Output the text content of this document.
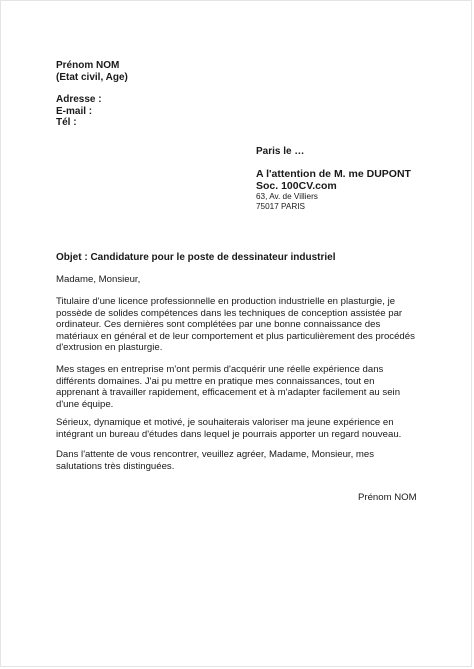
Prénom NOM
(Etat civil, Age)
Adresse :
E-mail :
Tél :
Paris le …
A l'attention de M. me DUPONT
Soc. 100CV.com
63, Av. de Villiers
75017 PARIS
Objet : Candidature pour le poste de dessinateur industriel
Madame, Monsieur,
Titulaire d'une licence professionnelle en production industrielle en plasturgie, je
possède de solides compétences dans les techniques de conception assistée par
ordinateur. Ces dernières sont complétées par une bonne connaissance des
matériaux en général et de leur comportement et plus particulièrement des procédés
d'extrusion en plasturgie.
Mes stages en entreprise m'ont permis d'acquérir une réelle expérience dans
différents domaines. J'ai pu mettre en pratique mes connaissances, tout en
apprenant à travailler rapidement, efficacement et à m'adapter facilement au sein
d'une équipe.
Sérieux, dynamique et motivé, je souhaiterais valoriser ma jeune expérience en
intégrant un bureau d'études dans lequel je pourrais apporter un regard nouveau.
Dans l'attente de vous rencontrer, veuillez agréer, Madame, Monsieur, mes
salutations très distinguées.
Prénom NOM
